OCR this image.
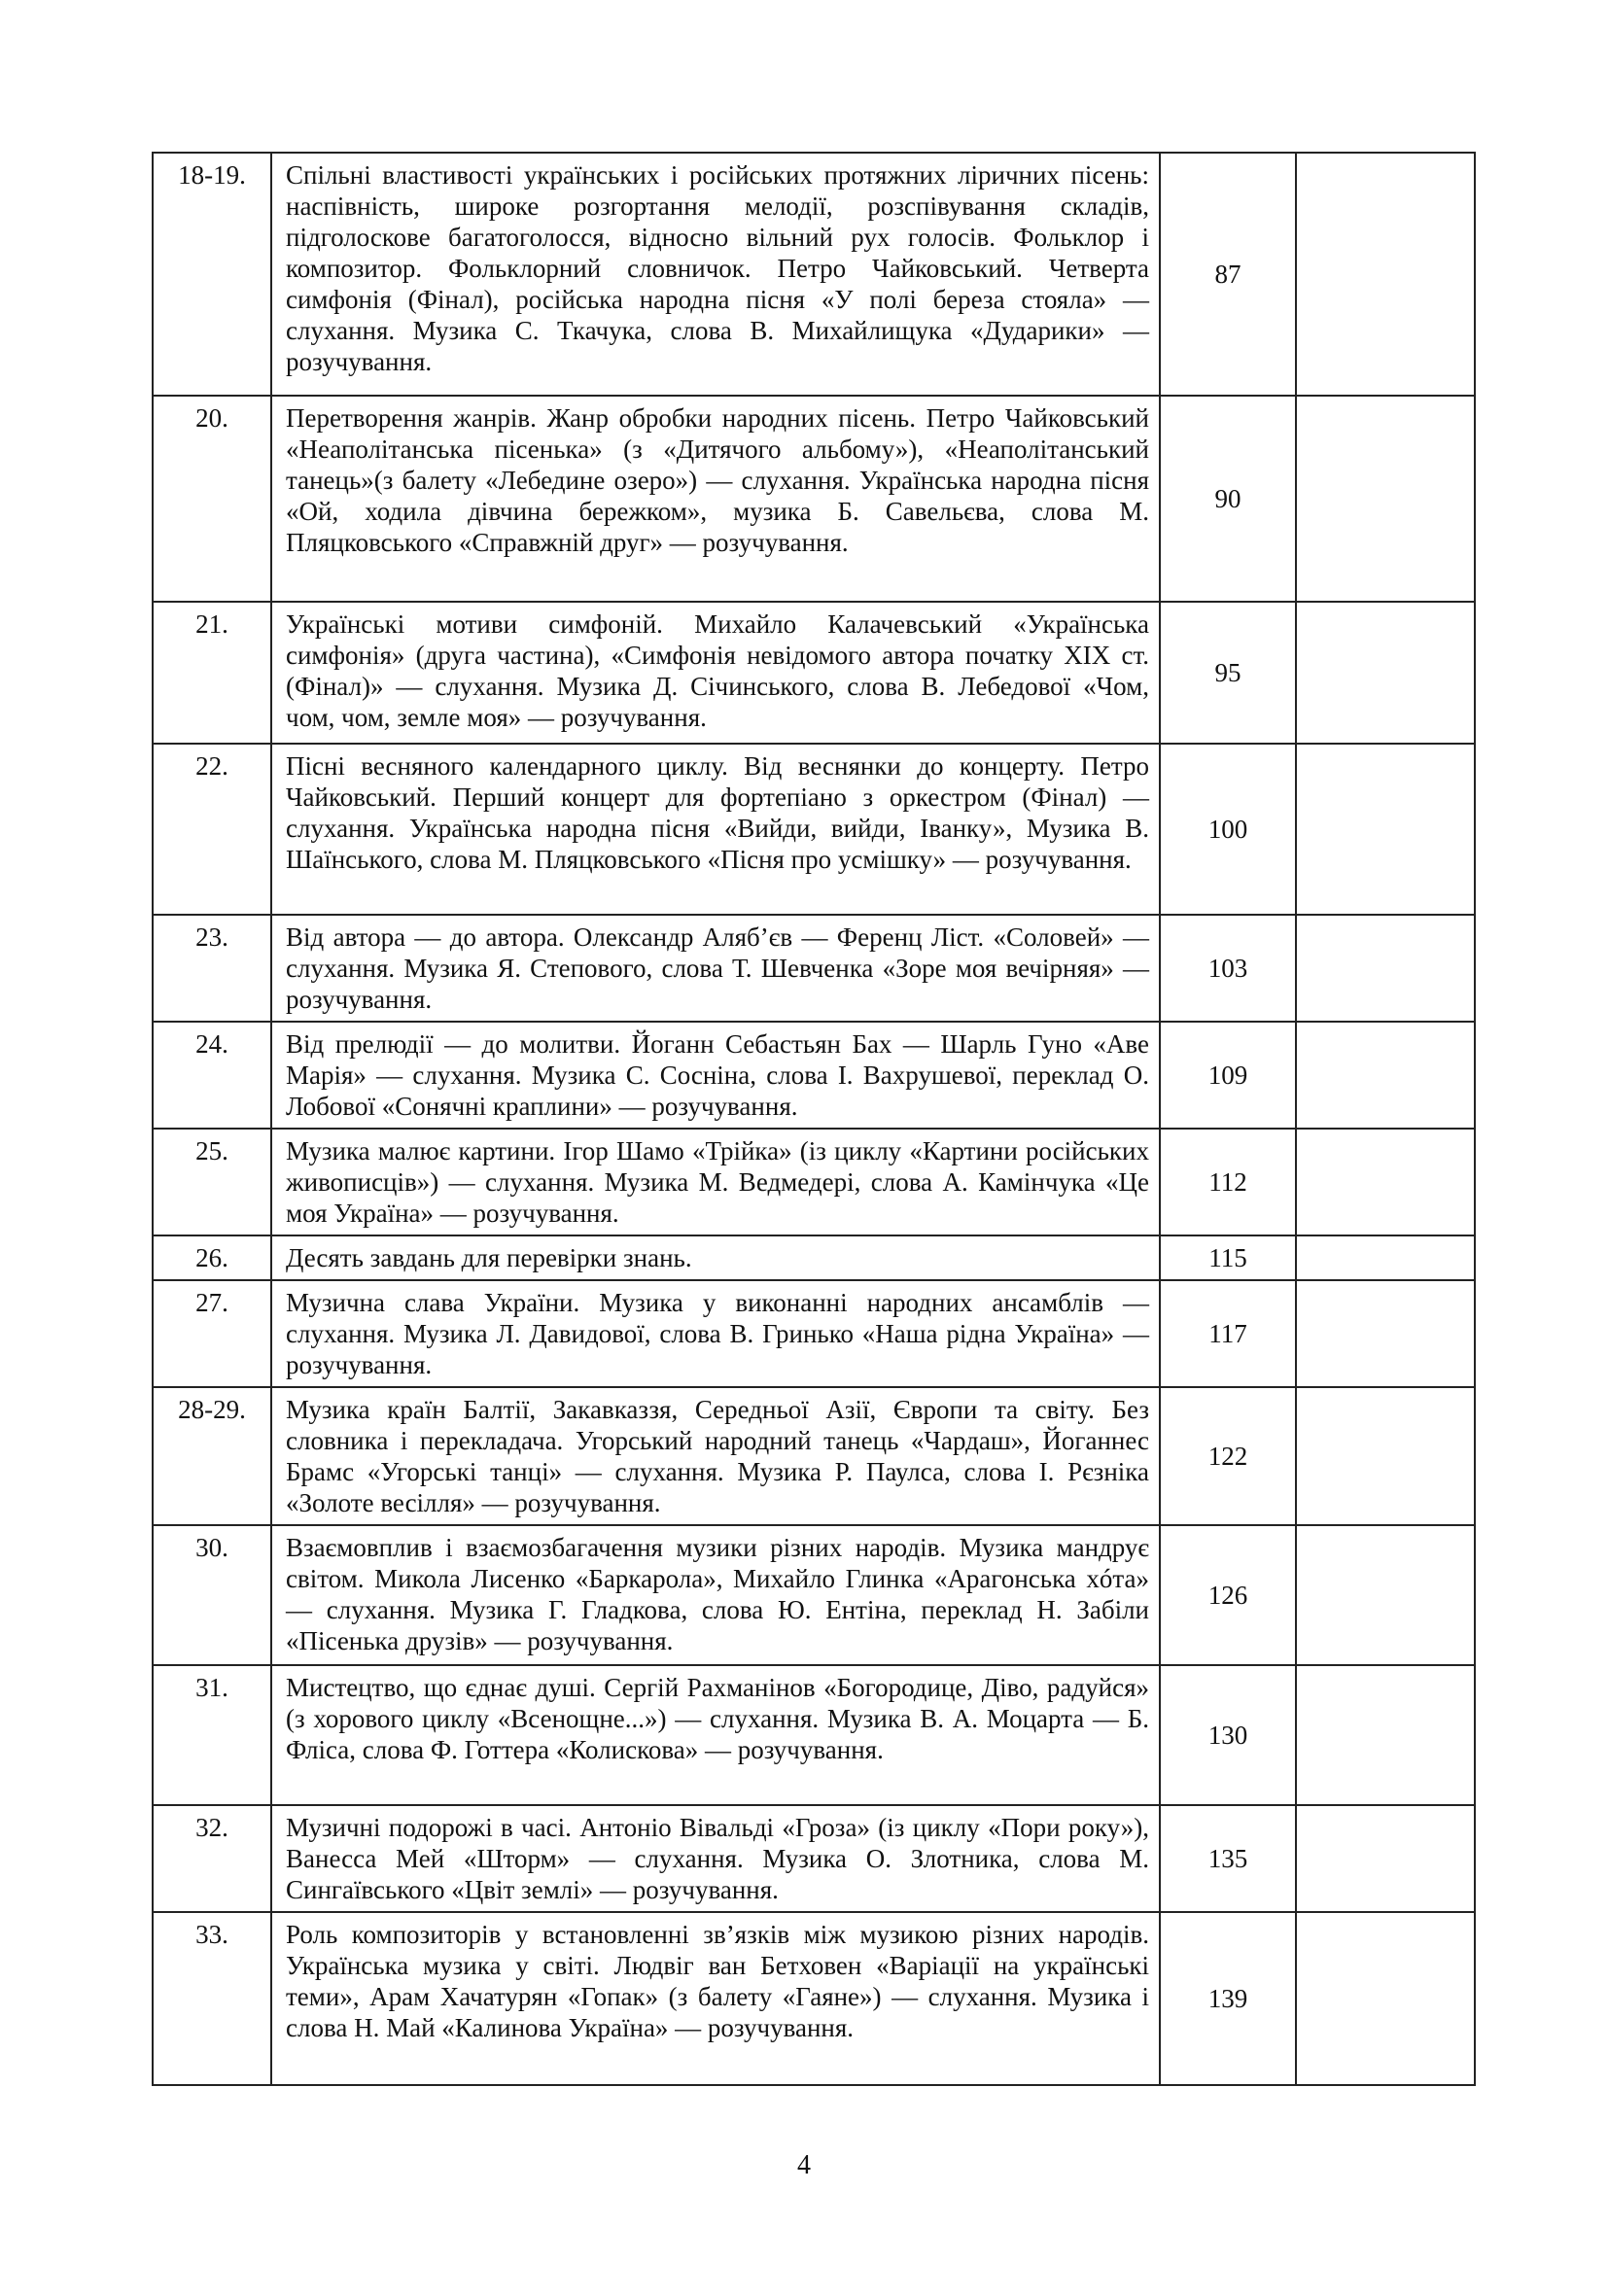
18-19.	Спільні властивості українських і російських протяжних ліричних пісень: наспівність, широке розгортання мелодії, розспівування складів, підголоскове багатоголосся, відносно вільний рух голосів. Фольклор і композитор. Фольклорний словничок. Петро Чайковський. Четверта симфонія (Фінал), російська народна пісня «У полі береза стояла» — слухання. Музика С. Ткачука, слова В. Михайлищука «Дударики» — розучування.	87	

20.	Перетворення жанрів. Жанр обробки народних пісень. Петро Чайковський «Неаполітанська пісенька» (з «Дитячого альбому»), «Неаполітанський танець»(з балету «Лебедине озеро») — слухання. Українська народна пісня «Ой, ходила дівчина бережком», музика Б. Савельєва, слова М. Пляцковського «Справжній друг» — розучування.	90	

21.	Українські мотиви симфоній. Михайло Калачевський «Українська симфонія» (друга частина), «Симфонія невідомого автора початку XIX ст. (Фінал)» — слухання. Музика Д. Січинського, слова В. Лебедової «Чом, чом, чом, земле моя» — розучування.	95	

22.	Пісні весняного календарного циклу. Від веснянки до концерту. Петро Чайковський. Перший концерт для фортепіано з оркестром (Фінал) — слухання. Українська народна пісня «Вийди, вийди, Іванку», Музика В. Шаїнського, слова М. Пляцковського «Пісня про усмішку» — розучування.	100	

23.	Від автора — до автора. Олександр Аляб’єв — Ференц Ліст. «Соловей» — слухання. Музика Я. Степового, слова Т. Шевченка «Зоре моя вечірняя» — розучування.	103	

24.	Від прелюдії — до молитви. Йоганн Себастьян Бах — Шарль Гуно «Аве Марія» — слухання. Музика С. Сосніна, слова І. Вахрушевої, переклад О. Лобової «Сонячні краплини» — розучування.	109	

25.	Музика малює картини. Ігор Шамо «Трійка» (із циклу «Картини російських живописців») — слухання. Музика М. Ведмедері, слова А. Камінчука «Це моя Україна» — розучування.	112	

26.	Десять завдань для перевірки знань.	115	

27.	Музична слава України. Музика у виконанні народних ансамблів — слухання. Музика Л. Давидової, слова В. Гринько «Наша рідна Україна» — розучування.	117	

28-29.	Музика країн Балтії, Закавказзя, Середньої Азії, Європи та світу. Без словника і перекладача. Угорський народний танець «Чардаш», Йоганнес Брамс «Угорські танці» — слухання. Музика Р. Паулса, слова І. Рєзніка «Золоте весілля» — розучування.	122	

30.	Взаємовплив і взаємозбагачення музики різних народів. Музика мандрує світом. Микола Лисенко «Баркарола», Михайло Глинка «Арагонська хóта» — слухання. Музика Г. Гладкова, слова Ю. Ентіна, переклад Н. Забіли «Пісенька друзів» — розучування.	126	

31.	Мистецтво, що єднає душі. Сергій Рахманінов «Богородице, Діво, радуйся» (з хорового циклу «Всенощне...») — слухання. Музика В. А. Моцарта — Б. Фліса, слова Ф. Готтера «Колискова» — розучування.	130	

32.	Музичні подорожі в часі. Антоніо Вівальді «Гроза» (із циклу «Пори року»), Ванесса Мей «Шторм» — слухання. Музика О. Злотника, слова М. Сингаївського «Цвіт землі» — розучування.	135	

33.	Роль композиторів у встановленні зв’язків між музикою різних народів. Українська музика у світі. Людвіг ван Бетховен «Варіації на українські теми», Арам Хачатурян «Гопак» (з балету «Гаяне») — слухання. Музика і слова Н. Май «Калинова Україна» — розучування.	139	
4
